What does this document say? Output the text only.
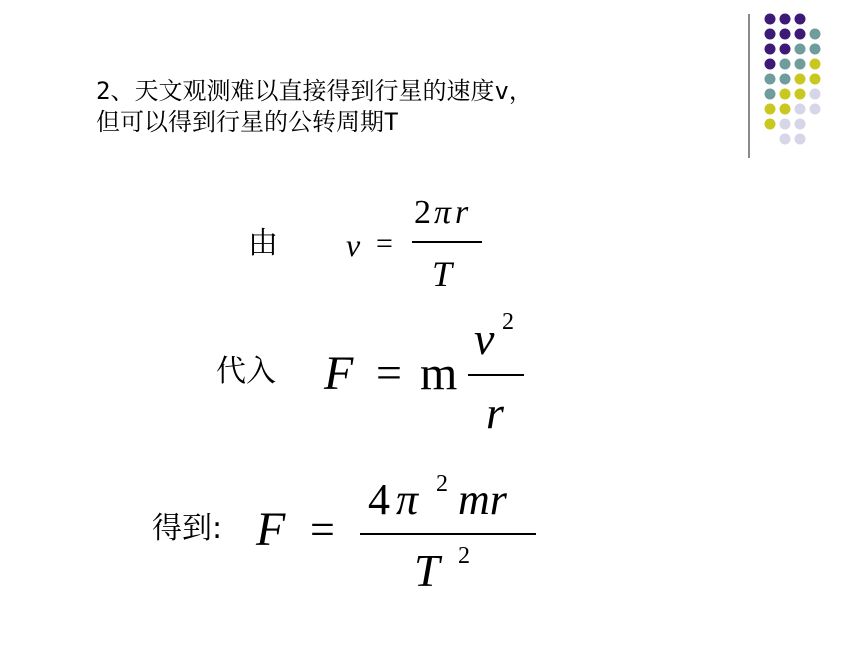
2、天文观测难以直接得到行星的速度v，
但可以得到行星的公转周期T
由 v =
2 π r
T
代入 F = m
v 2
r
得到: F =
4 π 2 mr
T 2
